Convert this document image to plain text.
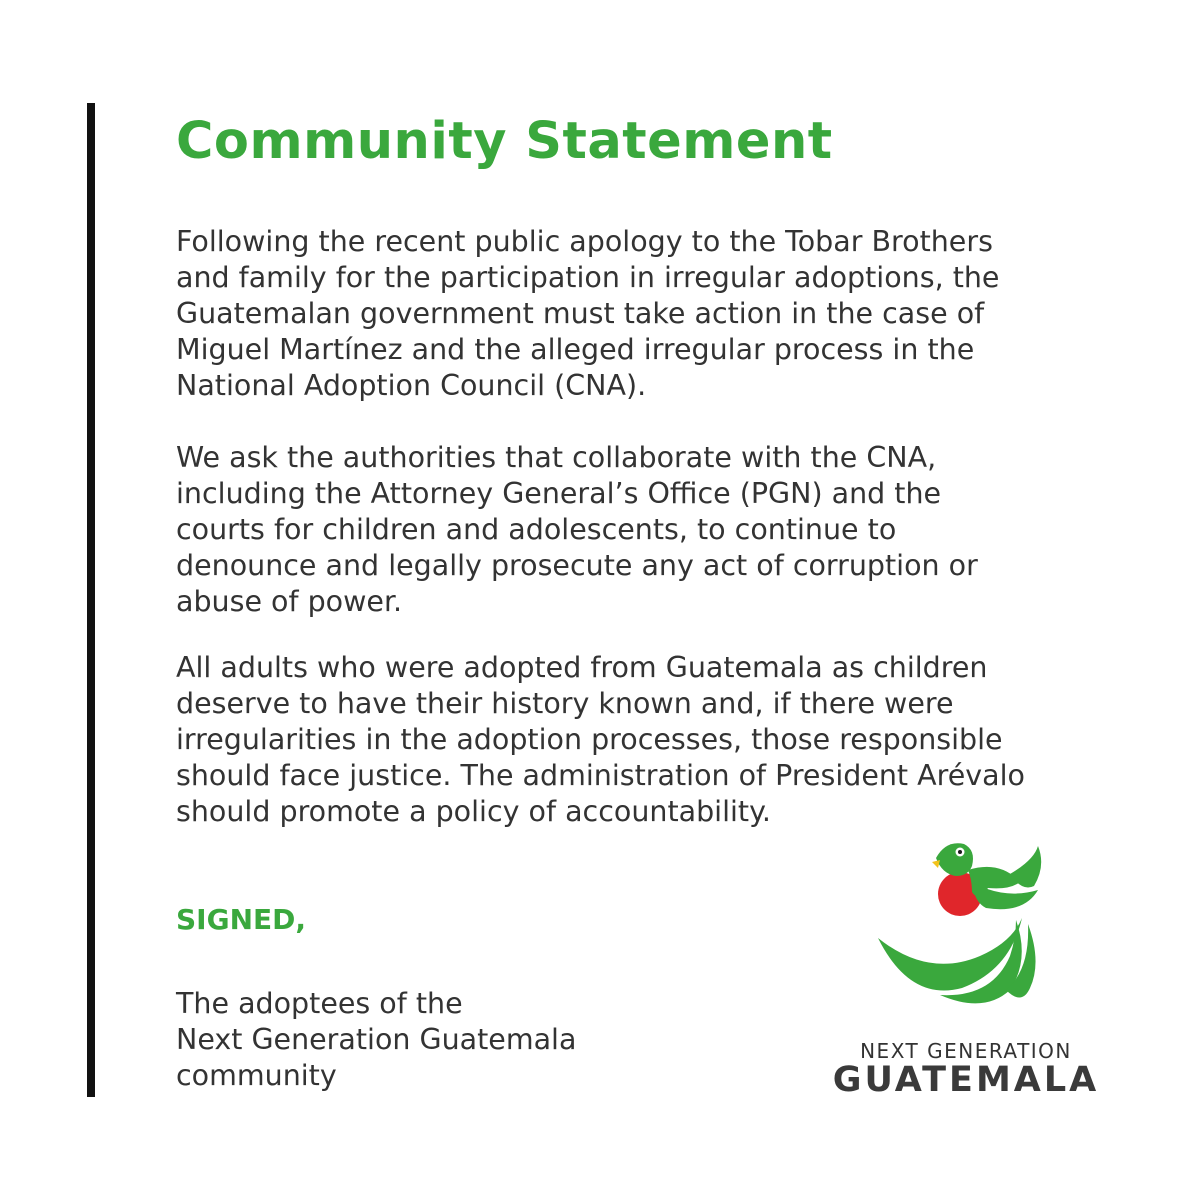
Community Statement

Following the recent public apology to the Tobar Brothers
and family for the participation in irregular adoptions, the
Guatemalan government must take action in the case of
Miguel Martínez and the alleged irregular process in the
National Adoption Council (CNA).

We ask the authorities that collaborate with the CNA,
including the Attorney General’s Office (PGN) and the
courts for children and adolescents, to continue to
denounce and legally prosecute any act of corruption or
abuse of power.

All adults who were adopted from Guatemala as children
deserve to have their history known and, if there were
irregularities in the adoption processes, those responsible
should face justice. The administration of President Arévalo
should promote a policy of accountability.

SIGNED,

The adoptees of the
Next Generation Guatemala
community

NEXT GENERATION

GUATEMALA
